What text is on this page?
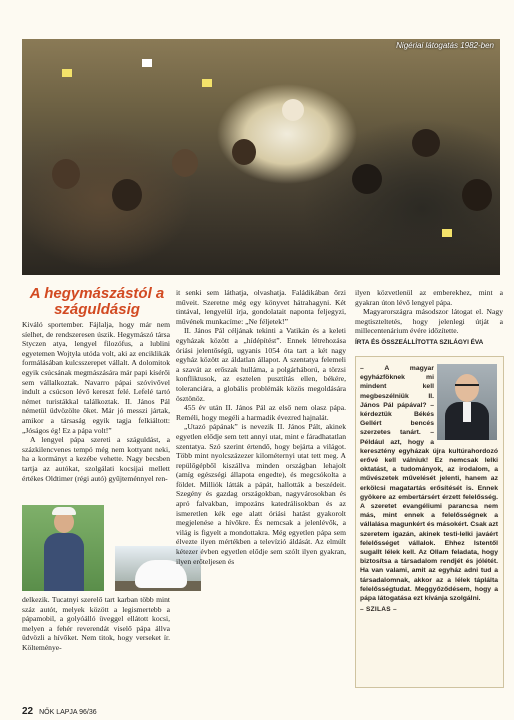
Nigériai látogatás 1982-ben
A hegymászástól a száguldásig

Kiváló sportember. Fájlalja, hogy már nem síelhet, de rendszeresen úszik. Hegymászó társa Styczen atya, lengyel filozófus, a lublini egyetemen Wojtyła utóda volt, aki az enciklikák formálásában kulcsszerepet vállalt. A dolomitok egyik csúcsának megmászására már papi kísérői sem vállalkoztak. Navarro pápai szóvivővel indult a csúcson lévő kereszt felé. Lefelé tartó német turistákkal találkoztak. II. János Pál németül üdvözölte őket. Már jó messzi jártak, amikor a társaság egyik tagja felkiáltott: „Jóságos ég! Ez a pápa volt!”

A lengyel pápa szereti a száguldást, a százkilencvenes tempó még nem kottyant neki, ha a kormányt a kezébe vehette. Nagy becsben tartja az autókat, szolgálati kocsijai mellett értékes Oldtimer (régi autó) gyűjteménnyel ren-

delkezik. Tucatnyi szerelő tart karban több mint száz autót, melyek között a legismertebb a pápamobil, a golyóálló üveggel ellátott kocsi, melyen a fehér reverendát viselő pápa állva üdvözli a hívőket. Nem titok, hogy verseket ír. Költeménye-

it senki sem láthatja, olvashatja. Faládikában őrzi műveit. Szeretne még egy könyvet hátrahagyni. Két tintával, lengyelül írja, gondolatait naponta feljegyzi, művének munkacíme: „Ne féljetek!”

II. János Pál céljának tekinti a Vatikán és a keleti egyházak között a „hídépítést”. Ennek létrehozása óriási jelentőségű, ugyanis 1054 óta tart a két nagy egyház között az áldatlan állapot. A szentatya felemeli a szavát az erőszak hulláma, a polgárháború, a törzsi konfliktusok, az esztelen pusztítás ellen, békére, toleranciára, a globális problémák közös megoldására ösztönöz.

455 év után II. János Pál az első nem olasz pápa. Reméli, hogy megéli a harmadik évezred hajnalát.

„Utazó pápának” is nevezik II. János Pált, akinek egyetlen elődje sem tett annyi utat, mint e fáradhatatlan szentatya. Szó szerint értendő, hogy bejárta a világot. Több mint nyolcszázezer kilométernyi utat tett meg. A repülőgépből kiszállva minden országban lehajolt (amíg egészségi állapota engedte), és megcsókolta a földet. Milliók látták a pápát, hallották a beszédeit. Szegény és gazdag országokban, nagyvárosokban és apró falvakban, impozáns katedrálisokban és az ismeretlen kék ege alatt óriási hatást gyakorolt megjelenése a hívőkre. És nemcsak a jelenlévők, a világ is figyelt a mondottakra. Még egyetlen pápa sem élvezte ilyen mértékben a televízió áldását. Az elmúlt kétezer évben egyetlen elődje sem szólt ilyen gyakran, ilyen erőteljesen és

ilyen közvetlenül az emberekhez, mint a gyakran úton lévő lengyel pápa.

Magyarországra másodszor látogat el. Nagy megtiszteltetés, hogy jelenlegi útját a millecentenárium évére időzítette.

ÍRTA ÉS ÖSSZEÁLLÍTOTTA SZILÁGYI ÉVA

– A magyar egyházföknek mi mindent kell megbeszélniük II. János Pál pápával? – kérdeztük Békés Gellért bencés szerzetes tanárt. – Például azt, hogy a keresztény egyházak újra kultúrahordozó erővé kell válniuk! Ez nemcsak lelki oktatást, a tudományok, az irodalom, a művészetek művelését jelenti, hanem az erkölcsi magatartás erősítését is. Ennek gyökere az embertársért érzett felelősség. A szeretet evangéliumi parancsa nem más, mint ennek a felelősségnek a vállalása magunkért és másokért. Csak azt szeretem igazán, akinek testi-lelki javáért felelősséget vállalok. Ehhez Istentől sugallt lélek kell. Az Ollam feladata, hogy biztosítsa a társadalom rendjét és jólétét. Ha van valami, amit az egyház adni tud a társadalomnak, akkor az a lélek táplálta felelősségtudat. Meggyőződésem, hogy a pápa látogatása ezt kívánja szolgálni.
– SZILAS –
22 NŐK LAPJA 96/36
